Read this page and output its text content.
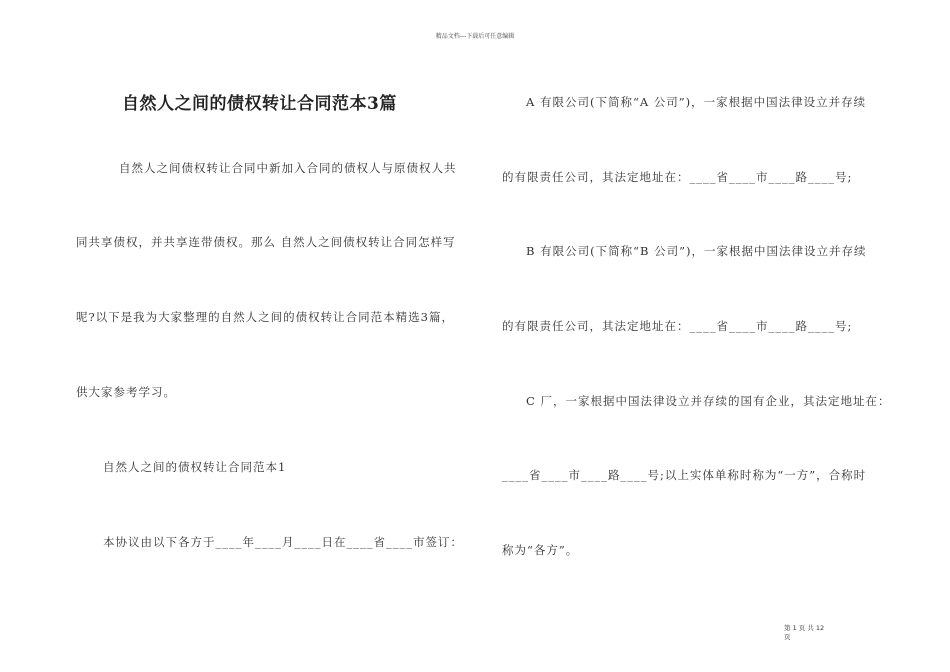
精品文档---下载后可任意编辑
自然人之间的债权转让合同范本3篇
自然人之间债权转让合同中新加入合同的债权人与原债权人共
同共享债权，并共享连带债权。那么 自然人之间债权转让合同怎样写
呢?以下是我为大家整理的自然人之间的债权转让合同范本精选3篇，
供大家参考学习。
自然人之间的债权转让合同范本1
本协议由以下各方于____年____月____日在____省____市签订：
A 有限公司(下简称“A 公司”)，一家根据中国法律设立并存续
的有限责任公司，其法定地址在：____省____市____路____号;
B 有限公司(下简称“B 公司”)，一家根据中国法律设立并存续
的有限责任公司，其法定地址在：____省____市____路____号;
C 厂，一家根据中国法律设立并存续的国有企业，其法定地址在：
____省____市____路____号;以上实体单称时称为“一方”，合称时
称为“各方”。
第 1 页 共 12 页
